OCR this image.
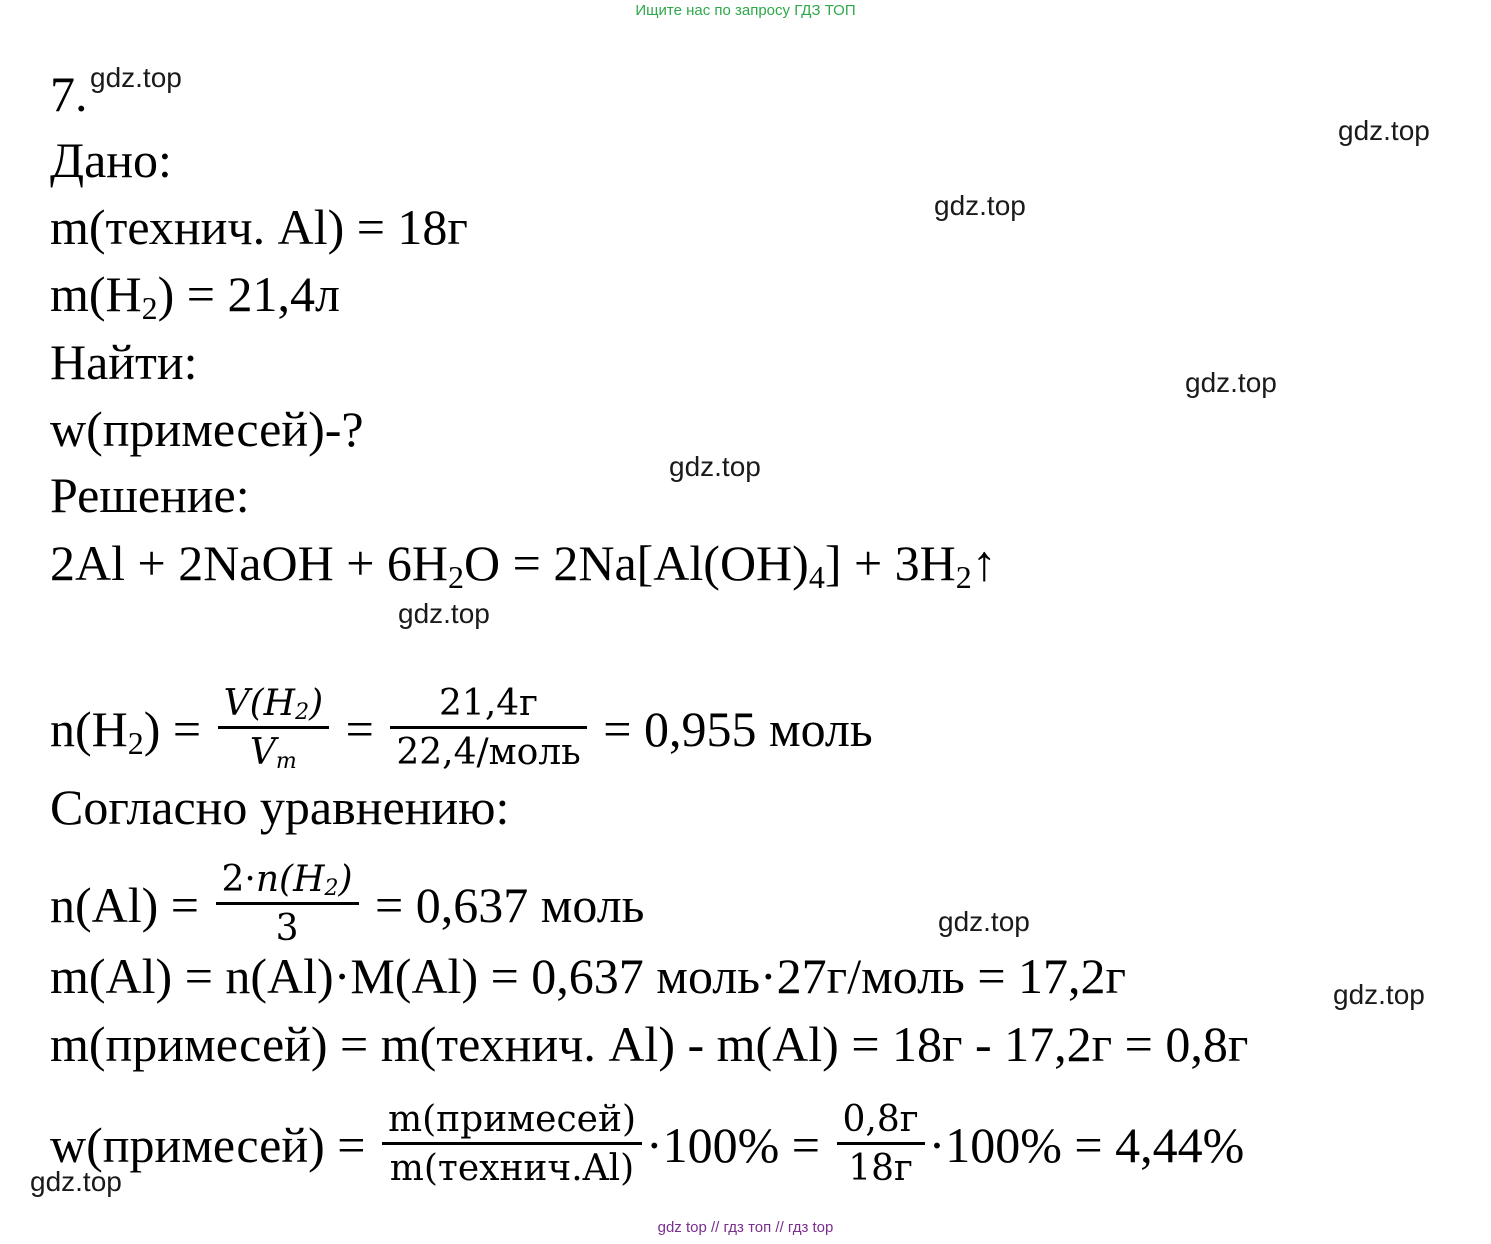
Ищите нас по запросу ГДЗ ТОП
gdz.top
gdz.top
gdz.top
gdz.top
gdz.top
gdz.top
gdz.top
gdz.top
gdz.top
7.
Дано:
m(технич. Al) = 18г
$m(H_2) = 21,4л$
Найти:
w(примесей)-?
Решение:
2Al + 2NaOH + $6H_2O = 2Na[Al(OH)_4]$ + $3H_2↑$
$n(H_2) = \frac{V(H2)}{Vm} = \frac{21,4г}{\text{22,4/моль}} = 0,955$ моль
Согласно уравнению:
$n(Al) = \frac{2\cdot n(H2)}{3} = 0,637$ моль
m(Al) = n(Al)·M(Al) = 0,637 моль·27г/моль = 17,2г
m(примесей) = m(технич. Al) - m(Al) = 18г - 17,2г = 0,8г
w(примесей) = $\frac{\text{m(примесей)}}{\text{m(технич.Al)}} \cdot 100\% = \frac{0,8г}{18г} \cdot 100\% = 4,44\%$
gdz top // гдз топ // гдз top
